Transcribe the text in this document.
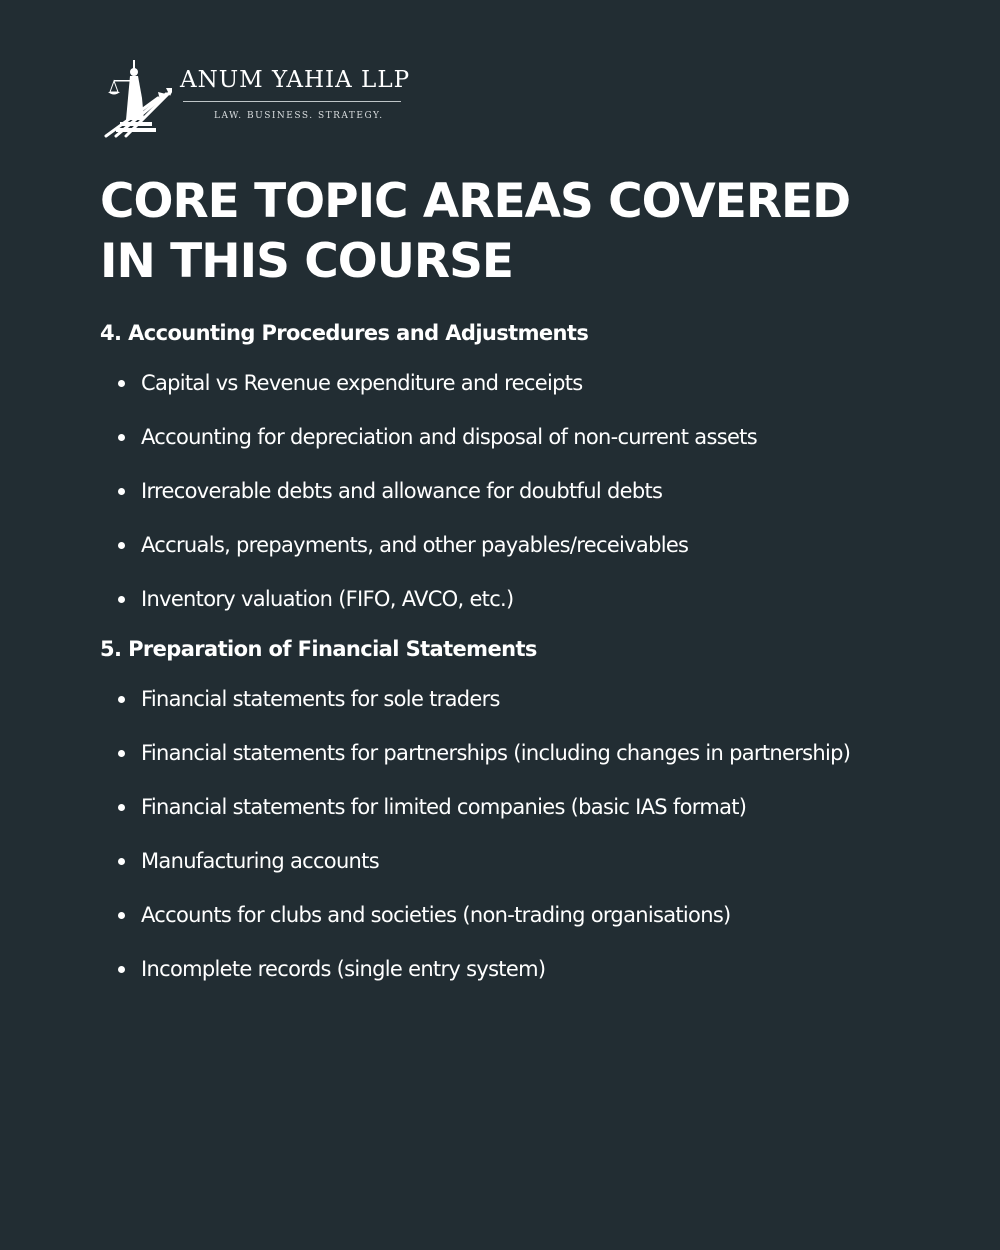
ANUM YAHIA LLP
LAW. BUSINESS. STRATEGY.
CORE TOPIC AREAS COVERED IN THIS COURSE
4. Accounting Procedures and Adjustments
Capital vs Revenue expenditure and receipts
Accounting for depreciation and disposal of non-current assets
Irrecoverable debts and allowance for doubtful debts
Accruals, prepayments, and other payables/receivables
Inventory valuation (FIFO, AVCO, etc.)
5. Preparation of Financial Statements
Financial statements for sole traders
Financial statements for partnerships (including changes in partnership)
Financial statements for limited companies (basic IAS format)
Manufacturing accounts
Accounts for clubs and societies (non-trading organisations)
Incomplete records (single entry system)
